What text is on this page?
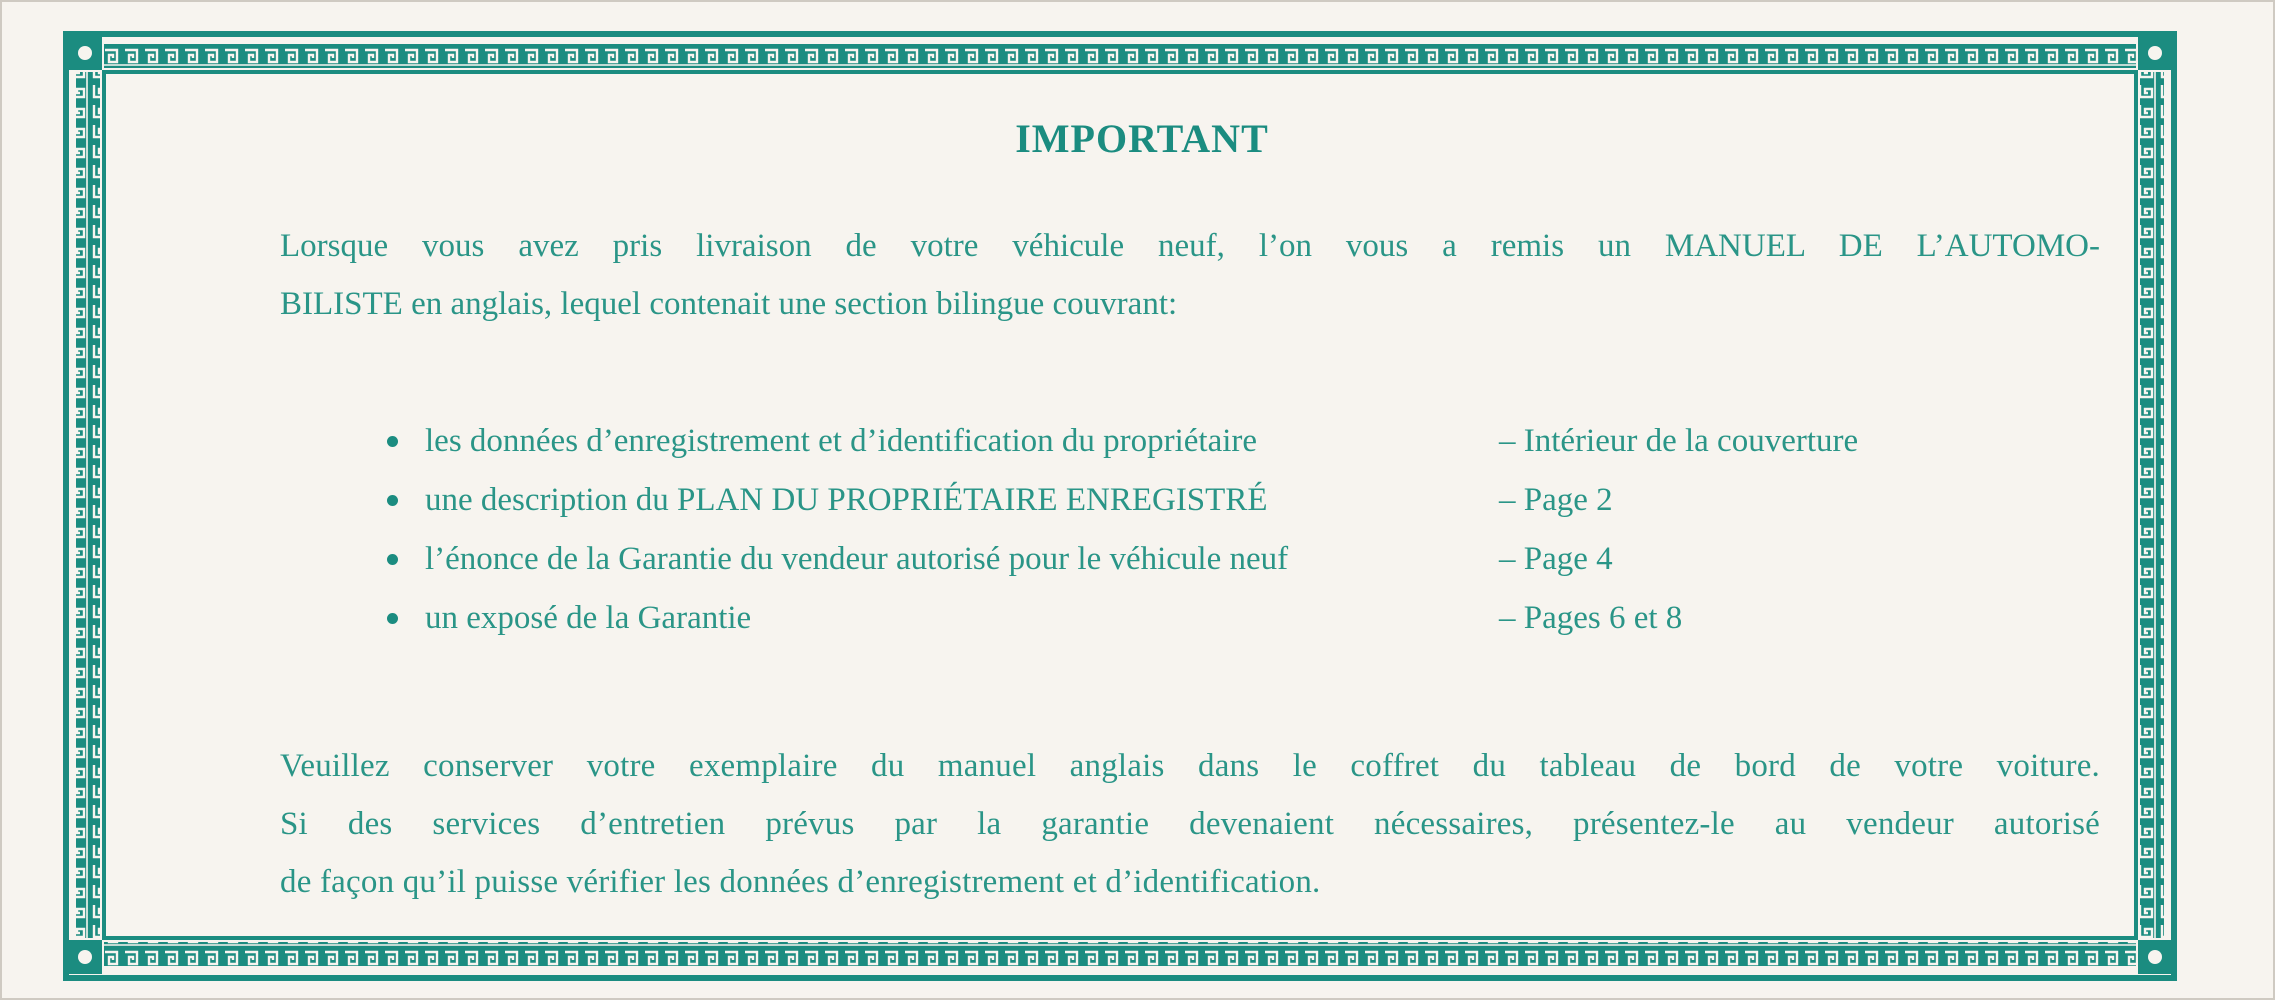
IMPORTANT
Lorsque vous avez pris livraison de votre véhicule neuf, l’on vous a remis un MANUEL DE L’AUTOMO-
BILISTE en anglais, lequel contenait une section bilingue couvrant:
les données d’enregistrement et d’identification du propriétaire	– Intérieur de la couverture
une description du PLAN DU PROPRIÉTAIRE ENREGISTRÉ	– Page 2
l’énonce de la Garantie du vendeur autorisé pour le véhicule neuf	– Page 4
un exposé de la Garantie	– Pages 6 et 8
Veuillez conserver votre exemplaire du manuel anglais dans le coffret du tableau de bord de votre voiture.
Si des services d’entretien prévus par la garantie devenaient nécessaires, présentez-le au vendeur autorisé
de façon qu’il puisse vérifier les données d’enregistrement et d’identification.
